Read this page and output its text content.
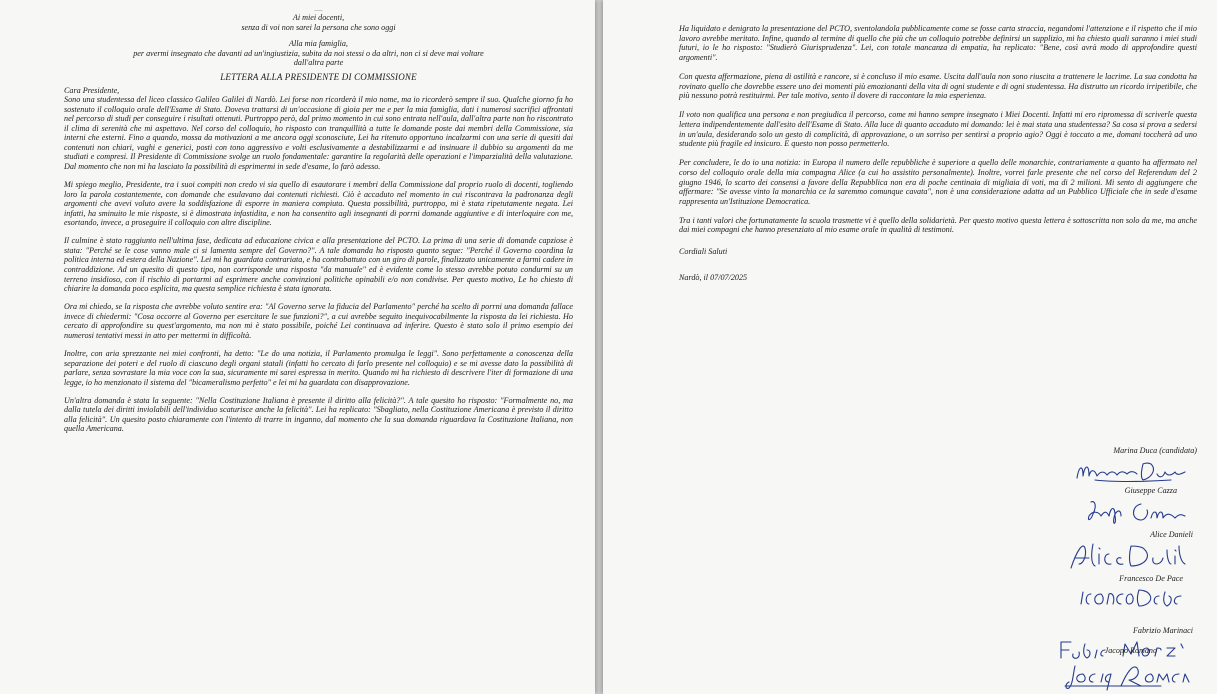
—
Ai miei docenti,
senza di voi non sarei la persona che sono oggi
Alla mia famiglia,
per avermi insegnato che davanti ad un'ingiustizia, subita da noi stessi o da altri, non ci si deve mai voltare
dall'altra parte
LETTERA ALLA PRESIDENTE DI COMMISSIONE

Cara Presidente,

Sono una studentessa del liceo classico Galileo Galilei di Nardò. Lei forse non ricorderà il mio nome, ma io ricorderò sempre il suo. Qualche giorno fa ho sostenuto il colloquio orale dell'Esame di Stato. Doveva trattarsi di un'occasione di gioia per me e per la mia famiglia, dati i numerosi sacrifici affrontati nel percorso di studi per conseguire i risultati ottenuti. Purtroppo però, dal primo momento in cui sono entrata nell'aula, dall'altra parte non ho riscontrato il clima di serenità che mi aspettavo. Nel corso del colloquio, ho risposto con tranquillità a tutte le domande poste dai membri della Commissione, sia interni che esterni. Fino a quando, mossa da motivazioni a me ancora oggi sconosciute, Lei ha ritenuto opportuno incalzarmi con una serie di quesiti dai contenuti non chiari, vaghi e generici, posti con tono aggressivo e volti esclusivamente a destabilizzarmi e ad insinuare il dubbio su argomenti da me studiati e compresi. Il Presidente di Commissione svolge un ruolo fondamentale: garantire la regolarità delle operazioni e l'imparzialità della valutazione. Dal momento che non mi ha lasciato la possibilità di esprimermi in sede d'esame, lo farò adesso.

Mi spiego meglio, Presidente, tra i suoi compiti non credo vi sia quello di esautorare i membri della Commissione dal proprio ruolo di docenti, togliendo loro la parola costantemente, con domande che esulavano dai contenuti richiesti. Ciò è accaduto nel momento in cui riscontrava la padronanza degli argomenti che avevi voluto avere la soddisfazione di esporre in maniera compiuta. Questa possibilità, purtroppo, mi è stata ripetutamente negata. Lei infatti, ha sminuito le mie risposte, si è dimostrata infastidita, e non ha consentito agli insegnanti di porrni domande aggiuntive e di interloquire con me, esortando, invece, a proseguire il colloquio con altre discipline.

Il culmine è stato raggiunto nell'ultima fase, dedicata ad educazione civica e alla presentazione del PCTO. La prima di una serie di domande capziose è stata: "Perché se le cose vanno male ci si lamenta sempre del Governo?". A tale domanda ho risposto quanto segue: "Perché il Governo coordina la politica interna ed estera della Nazione". Lei mi ha guardata contrariata, e ha controbattuto con un giro di parole, finalizzato unicamente a farmi cadere in contraddizione. Ad un quesito di questo tipo, non corrisponde una risposta "da manuale" ed è evidente come lo stesso avrebbe potuto condurmi su un terreno insidioso, con il rischio di portarmi ad esprimere anche convinzioni politiche opinabili e/o non condivise. Per questo motivo, Le ho chiesto di chiarire la domanda poco esplicita, ma questa semplice richiesta è stata ignorata.

Ora mi chiedo, se la risposta che avrebbe voluto sentire era: "Al Governo serve la fiducia del Parlamento" perché ha scelto di porrni una domanda fallace invece di chiedermi: "Cosa occorre al Governo per esercitare le sue funzioni?", a cui avrebbe seguito inequivocabilmente la risposta da lei richiesta. Ho cercato di approfondire su quest'argomento, ma non mi è stato possibile, poiché Lei continuava ad inferire. Questo è stato solo il primo esempio dei numerosi tentativi messi in atto per mettermi in difficoltà.

Inoltre, con aria sprezzante nei miei confronti, ha detto: "Le do una notizia, il Parlamento promulga le leggi". Sono perfettamente a conoscenza della separazione dei poteri e del ruolo di ciascuno degli organi statali (infatti ho cercato di farlo presente nel colloquio) e se mi avesse dato la possibilità di parlare, senza sovrastare la mia voce con la sua, sicuramente mi sarei espressa in merito. Quando mi ha richiesto di descrivere l'iter di formazione di una legge, io ho menzionato il sistema del "bicameralismo perfetto" e lei mi ha guardata con disapprovazione.

Un'altra domanda è stata la seguente: "Nella Costituzione Italiana è presente il diritto alla felicità?". A tale quesito ho risposto: "Formalmente no, ma dalla tutela dei diritti inviolabili dell'individuo scaturisce anche la felicità". Lei ha replicato: "Sbagliato, nella Costituzione Americana è previsto il diritto alla felicità". Un quesito posto chiaramente con l'intento di trarre in inganno, dal momento che la sua domanda riguardava la Costituzione Italiana, non quella Americana.

Ha liquidato e denigrato la presentazione del PCTO, sventolandola pubblicamente come se fosse carta straccia, negandomi l'attenzione e il rispetto che il mio lavoro avrebbe meritato. Infine, quando al termine di quello che più che un colloquio potrebbe definirsi un supplizio, mi ha chiesto quali saranno i miei studi futuri, io le ho risposto: "Studierò Giurisprudenza". Lei, con totale mancanza di empatia, ha replicato: "Bene, così avrà modo di approfondire questi argomenti".

Con questa affermazione, piena di ostilità e rancore, si è concluso il mio esame. Uscita dall'aula non sono riuscita a trattenere le lacrime. La sua condotta ha rovinato quello che dovrebbe essere uno dei momenti più emozionanti della vita di ogni studente e di ogni studentessa. Ha distrutto un ricordo irripetibile, che più nessuno potrà restituirmi. Per tale motivo, sento il dovere di raccontare la mia esperienza.

Il voto non qualifica una persona e non pregiudica il percorso, come mi hanno sempre insegnato i Miei Docenti. Infatti mi ero ripromessa di scriverle questa lettera indipendentemente dall'esito dell'Esame di Stato. Alla luce di quanto accaduto mi domando: lei è mai stata una studentessa? Sa cosa si prova a sedersi in un'aula, desiderando solo un gesto di complicità, di approvazione, o un sorriso per sentirsi a proprio agio? Oggi è toccato a me, domani toccherà ad uno studente più fragile ed insicuro. E questo non posso permetterlo.

Per concludere, le do io una notizia: in Europa il numero delle repubbliche è superiore a quello delle monarchie, contrariamente a quanto ha affermato nel corso del colloquio orale della mia compagna Alice (a cui ho assistito personalmente). Inoltre, vorrei farle presente che nel corso del Referendum del 2 giugno 1946, lo scarto dei consensi a favore della Repubblica non era di poche centinaia di migliaia di voti, ma di 2 milioni. Mi sento di aggiungere che affermare: "Se avesse vinto la monarchia ce la saremmo comunque cavata", non è una considerazione adatta ad un Pubblico Ufficiale che in sede d'esame rappresenta un'Istituzione Democratica.

Tra i tanti valori che fortunatamente la scuola trasmette vi è quello della solidarietà. Per questo motivo questa lettera è sottoscritta non solo da me, ma anche dai miei compagni che hanno presenziato al mio esame orale in qualità di testimoni.

Cordiali Saluti

Nardò, il 07/07/2025

Marina Duca (candidata)
Giuseppe Cazza
Alice Danieli
Francesco De Pace
Fabrizio Marinaci
Jacopo Romano
